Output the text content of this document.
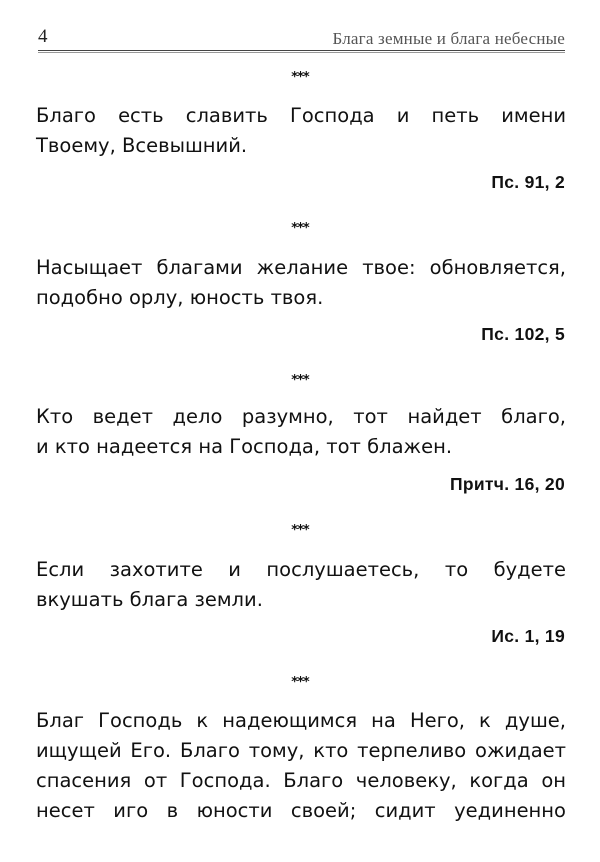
4	Блага земные и блага небесные
***
Благо есть славить Господа и петь имени
Твоему, Всевышний.
Пс. 91, 2
***
Насыщает благами желание твое: обновляется,
подобно орлу, юность твоя.
Пс. 102, 5
***
Кто ведет дело разумно, тот найдет благо,
и кто надеется на Господа, тот блажен.
Притч. 16, 20
***
Если захотите и послушаетесь, то будете
вкушать блага земли.
Ис. 1, 19
***
Благ Господь к надеющимся на Него, к душе,
ищущей Его. Благо тому, кто терпеливо ожидает
спасения от Господа. Благо человеку, когда он
несет иго в юности своей; сидит уединенно
